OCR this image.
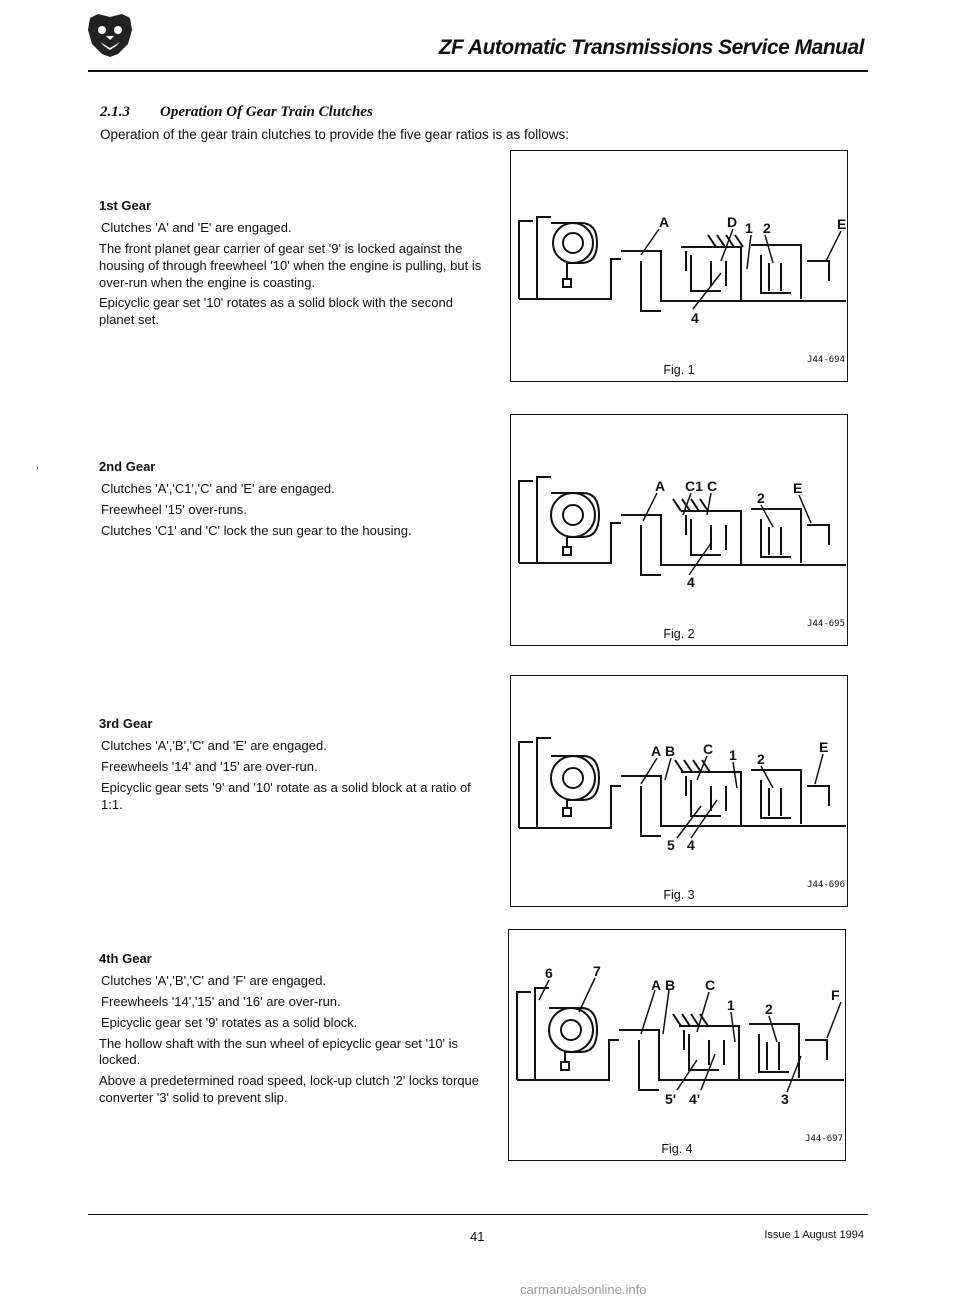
ZF Automatic Transmissions Service Manual
2.1.3 Operation Of Gear Train Clutches
Operation of the gear train clutches to provide the five gear ratios is as follows:
,
1st Gear

Clutches 'A' and 'E' are engaged.

The front planet gear carrier of gear set '9' is locked against the housing of through freewheel '10' when the engine is pulling, but is over-run when the engine is coasting.

Epicyclic gear set '10' rotates as a solid block with the second planet set.

2nd Gear

Clutches 'A','C1','C' and 'E' are engaged.

Freewheel '15' over-runs.

Clutches 'C1' and 'C' lock the sun gear to the housing.

3rd Gear

Clutches 'A','B','C' and 'E' are engaged.

Freewheels '14' and '15' are over-run.

Epicyclic gear sets '9' and '10' rotate as a solid block at a ratio of 1:1.

4th Gear

Clutches 'A','B','C' and 'F' are engaged.

Freewheels '14','15' and '16' are over-run.

Epicyclic gear set '9' rotates as a solid block.

The hollow shaft with the sun wheel of epicyclic gear set '10' is locked.

Above a predetermined road speed, lock-up clutch '2' locks torque converter '3' solid to prevent slip.

A	D 1 2	E
4
J44-694
Fig. 1
A C1 C
2
E
4
J44-695
Fig. 2
A B C 1 2
E
5 4
J44-696
Fig. 3
6	7
A B C
1 2
F
5' 4'	3
J44-697
Fig. 4
41	Issue 1 August 1994
carmanualsonline.info
